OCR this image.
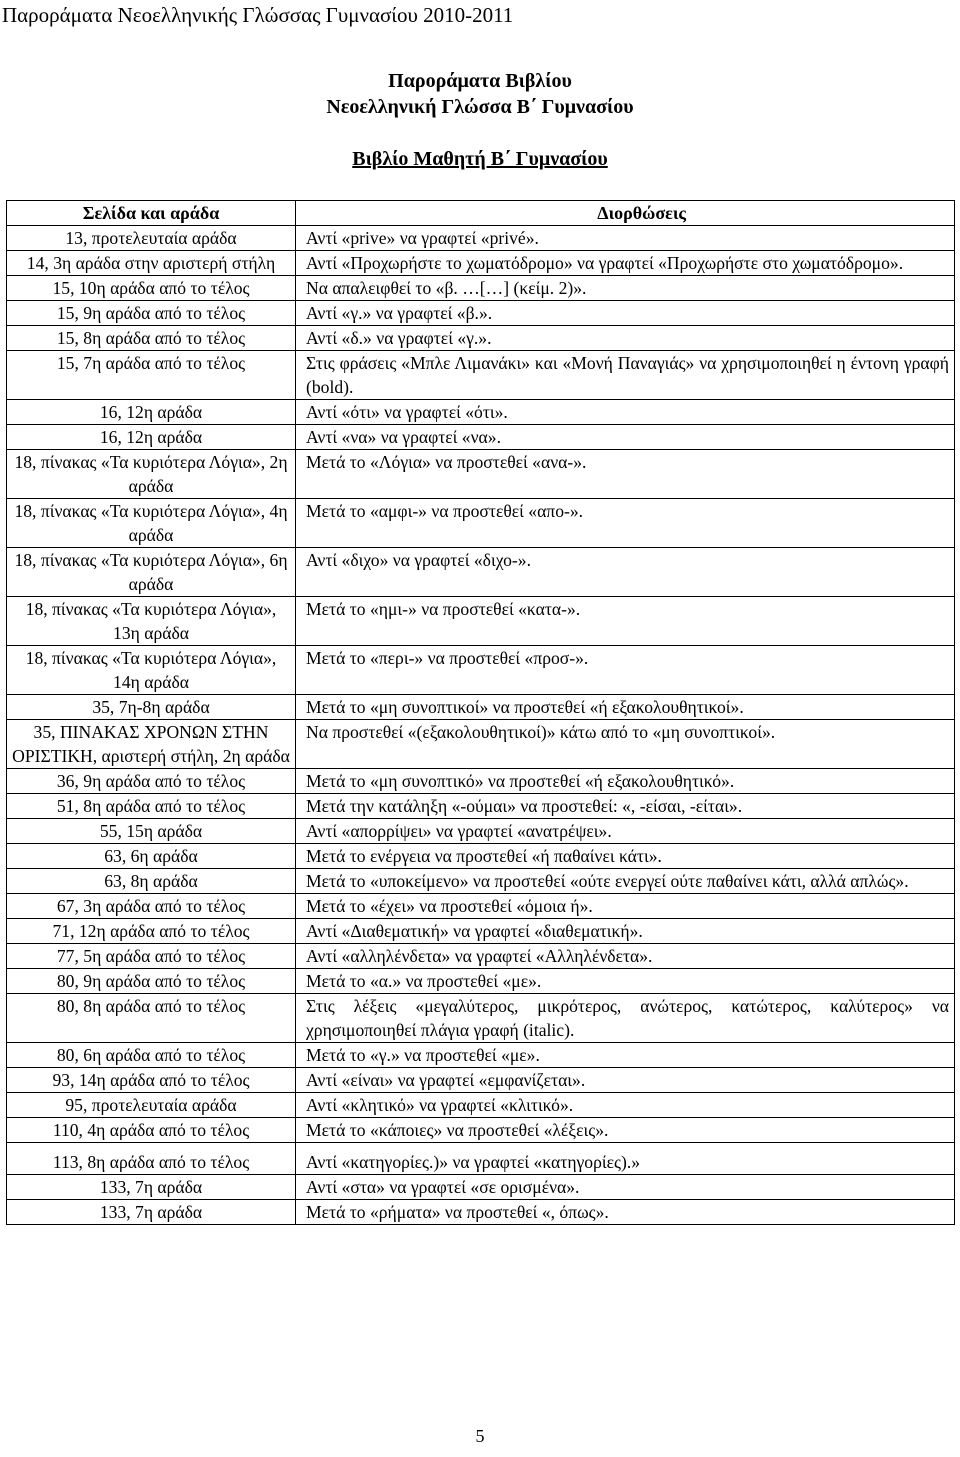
Παροράματα Νεοελληνικής Γλώσσας Γυμνασίου 2010-2011
Παροράματα Βιβλίου
Νεοελληνική Γλώσσα Β΄ Γυμνασίου
Βιβλίο Μαθητή Β΄ Γυμνασίου
Σελίδα και αράδα	Διορθώσεις
13, προτελευταία αράδα	Αντί «prive» να γραφτεί «privé».
14, 3η αράδα στην αριστερή στήλη	Αντί «Προχωρήστε το χωματόδρομο» να γραφτεί «Προχωρήστε στο χωματόδρομο».
15, 10η αράδα από το τέλος	Να απαλειφθεί το «β. …[…] (κείμ. 2)».
15, 9η αράδα από το τέλος	Αντί «γ.» να γραφτεί «β.».
15, 8η αράδα από το τέλος	Αντί «δ.» να γραφτεί «γ.».
15, 7η αράδα από το τέλος	Στις φράσεις «Μπλε Λιμανάκι» και «Μονή Παναγιάς» να χρησιμοποιηθεί η έντονη γραφή (bold).
16, 12η αράδα	Αντί «ότι» να γραφτεί «ότι».
16, 12η αράδα	Αντί «να» να γραφτεί «να».
18, πίνακας «Τα κυριότερα Λόγια», 2η αράδα	Μετά το «Λόγια» να προστεθεί «ανα-».
18, πίνακας «Τα κυριότερα Λόγια», 4η αράδα	Μετά το «αμφι-» να προστεθεί «απο-».
18, πίνακας «Τα κυριότερα Λόγια», 6η αράδα	Αντί «διχο» να γραφτεί «διχο-».
18, πίνακας «Τα κυριότερα Λόγια», 13η αράδα	Μετά το «ημι-» να προστεθεί «κατα-».
18, πίνακας «Τα κυριότερα Λόγια», 14η αράδα	Μετά το «περι-» να προστεθεί «προσ-».
35, 7η-8η αράδα	Μετά το «μη συνοπτικοί» να προστεθεί «ή εξακολουθητικοί».
35, ΠΙΝΑΚΑΣ ΧΡΟΝΩΝ ΣΤΗΝ ΟΡΙΣΤΙΚΗ, αριστερή στήλη, 2η αράδα	Να προστεθεί «(εξακολουθητικοί)» κάτω από το «μη συνοπτικοί».
36, 9η αράδα από το τέλος	Μετά το «μη συνοπτικό» να προστεθεί «ή εξακολουθητικό».
51, 8η αράδα από το τέλος	Μετά την κατάληξη «-ούμαι» να προστεθεί: «, -είσαι, -είται».
55, 15η αράδα	Αντί «απορρίψει» να γραφτεί «ανατρέψει».
63, 6η αράδα	Μετά το ενέργεια να προστεθεί «ή παθαίνει κάτι».
63, 8η αράδα	Μετά το «υποκείμενο» να προστεθεί «ούτε ενεργεί ούτε παθαίνει κάτι, αλλά απλώς».
67, 3η αράδα από το τέλος	Μετά το «έχει» να προστεθεί «όμοια ή».
71, 12η αράδα από το τέλος	Αντί «Διαθεματική» να γραφτεί «διαθεματική».
77, 5η αράδα από το τέλος	Αντί «αλληλένδετα» να γραφτεί «Αλληλένδετα».
80, 9η αράδα από το τέλος	Μετά το «α.» να προστεθεί «με».
80, 8η αράδα από το τέλος	Στις λέξεις «μεγαλύτερος, μικρότερος, ανώτερος, κατώτερος, καλύτερος» να χρησιμοποιηθεί πλάγια γραφή (italic).
80, 6η αράδα από το τέλος	Μετά το «γ.» να προστεθεί «με».
93, 14η αράδα από το τέλος	Αντί «είναι» να γραφτεί «εμφανίζεται».
95, προτελευταία αράδα	Αντί «κλητικό» να γραφτεί «κλιτικό».
110, 4η αράδα από το τέλος	Μετά το «κάποιες» να προστεθεί «λέξεις».
113, 8η αράδα από το τέλος	Αντί «κατηγορίες.)» να γραφτεί «κατηγορίες).»
133, 7η αράδα	Αντί «στα» να γραφτεί «σε ορισμένα».
133, 7η αράδα	Μετά το «ρήματα» να προστεθεί «, όπως».
5
